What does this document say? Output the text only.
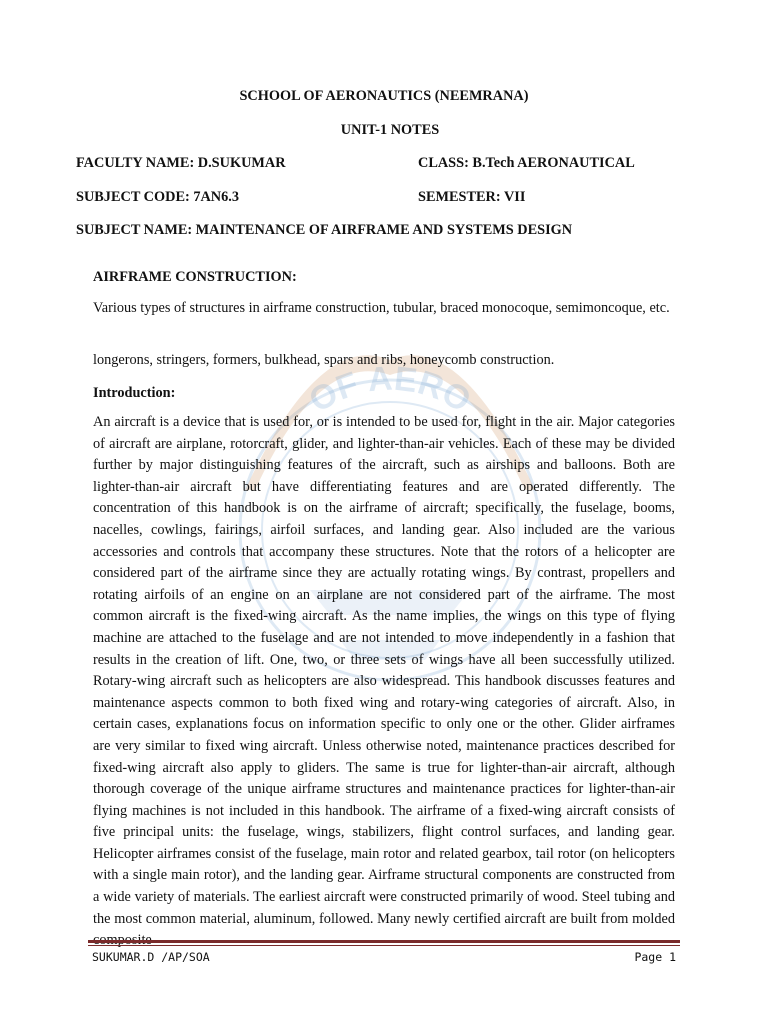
OF AERO
SCHOOL OF AERONAUTICS (NEEMRANA)
UNIT-1 NOTES
FACULTY NAME: D.SUKUMAR	CLASS: B.Tech AERONAUTICAL
SUBJECT CODE: 7AN6.3	SEMESTER: VII
SUBJECT NAME: MAINTENANCE OF AIRFRAME AND SYSTEMS DESIGN
AIRFRAME CONSTRUCTION:
Various types of structures in airframe construction, tubular, braced monocoque, semimoncoque, etc.
longerons, stringers, formers, bulkhead, spars and ribs, honeycomb construction.
Introduction:
An aircraft is a device that is used for, or is intended to be used for, flight in the air. Major categories of aircraft are airplane, rotorcraft, glider, and lighter-than-air vehicles. Each of these may be divided further by major distinguishing features of the aircraft, such as airships and balloons. Both are lighter-than-air aircraft but have differentiating features and are operated differently. The concentration of this handbook is on the airframe of aircraft; specifically, the fuselage, booms, nacelles, cowlings, fairings, airfoil surfaces, and landing gear. Also included are the various accessories and controls that accompany these structures. Note that the rotors of a helicopter are considered part of the airframe since they are actually rotating wings. By contrast, propellers and rotating airfoils of an engine on an airplane are not considered part of the airframe. The most common aircraft is the fixed-wing aircraft. As the name implies, the wings on this type of flying machine are attached to the fuselage and are not intended to move independently in a fashion that results in the creation of lift. One, two, or three sets of wings have all been successfully utilized. Rotary-wing aircraft such as helicopters are also widespread. This handbook discusses features and maintenance aspects common to both fixed wing and rotary-wing categories of aircraft. Also, in certain cases, explanations focus on information specific to only one or the other. Glider airframes are very similar to fixed wing aircraft. Unless otherwise noted, maintenance practices described for fixed-wing aircraft also apply to gliders. The same is true for lighter-than-air aircraft, although thorough coverage of the unique airframe structures and maintenance practices for lighter-than-air flying machines is not included in this handbook. The airframe of a fixed-wing aircraft consists of five principal units: the fuselage, wings, stabilizers, flight control surfaces, and landing gear. Helicopter airframes consist of the fuselage, main rotor and related gearbox, tail rotor (on helicopters with a single main rotor), and the landing gear. Airframe structural components are constructed from a wide variety of materials. The earliest aircraft were constructed primarily of wood. Steel tubing and the most common material, aluminum, followed. Many newly certified aircraft are built from molded composite
SUKUMAR.D /AP/SOA	Page 1
